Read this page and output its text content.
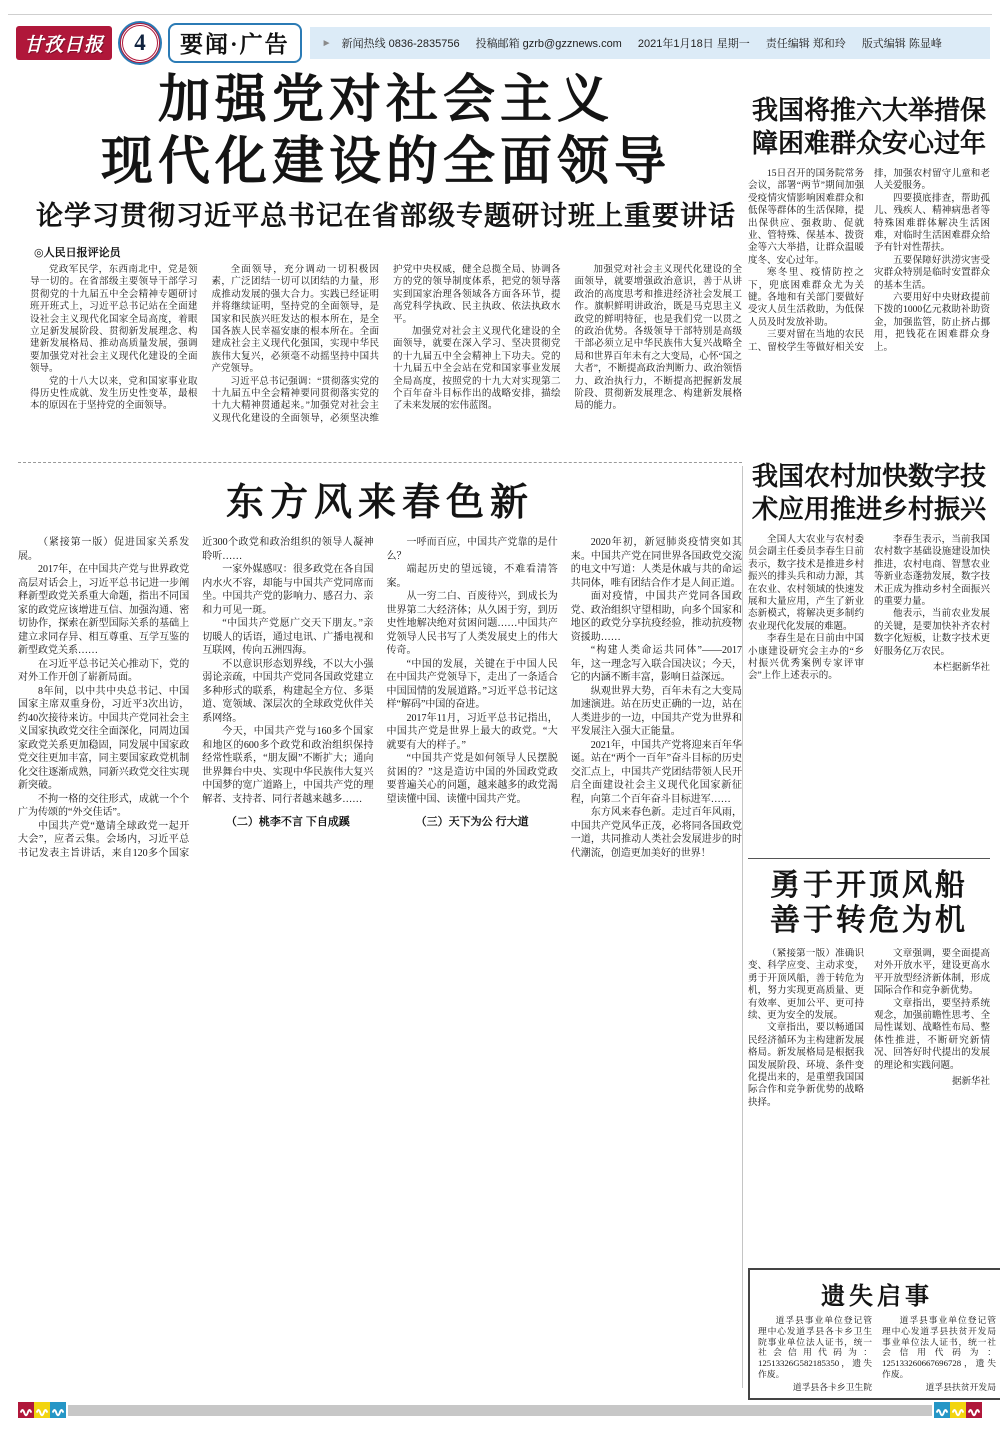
甘孜日报	4	要闻·广告	► 新闻热线 0836-2835756 投稿邮箱 gzrb@gzznews.com 2021年1月18日 星期一 责任编辑 郑和玲 版式编辑 陈显峰
加强党对社会主义
现代化建设的全面领导
论学习贯彻习近平总书记在省部级专题研讨班上重要讲话
◎人民日报评论员

党政军民学，东西南北中，党是领导一切的。在省部级主要领导干部学习贯彻党的十九届五中全会精神专题研讨班开班式上，习近平总书记站在全面建设社会主义现代化国家全局高度，着眼立足新发展阶段、贯彻新发展理念、构建新发展格局、推动高质量发展，强调要加强党对社会主义现代化建设的全面领导。

党的十八大以来，党和国家事业取得历史性成就、发生历史性变革，最根本的原因在于坚持党的全面领导。

全面领导，充分调动一切积极因素，广泛团结一切可以团结的力量，形成推动发展的强大合力。实践已经证明并将继续证明，坚持党的全面领导，是国家和民族兴旺发达的根本所在，是全国各族人民幸福安康的根本所在。全面建成社会主义现代化强国，实现中华民族伟大复兴，必须毫不动摇坚持中国共产党领导。

习近平总书记强调：“贯彻落实党的十九届五中全会精神要同贯彻落实党的十九大精神贯通起来。”加强党对社会主义现代化建设的全面领导，必须坚决维护党中央权威，健全总揽全局、协调各方的党的领导制度体系，把党的领导落实到国家治理各领域各方面各环节，提高党科学执政、民主执政、依法执政水平。

加强党对社会主义现代化建设的全面领导，就要在深入学习、坚决贯彻党的十九届五中全会精神上下功夫。党的十九届五中全会站在党和国家事业发展全局高度，按照党的十九大对实现第二个百年奋斗目标作出的战略安排，描绘了未来发展的宏伟蓝图。

加强党对社会主义现代化建设的全面领导，就要增强政治意识，善于从讲政治的高度思考和推进经济社会发展工作。旗帜鲜明讲政治，既是马克思主义政党的鲜明特征，也是我们党一以贯之的政治优势。各级领导干部特别是高级干部必须立足中华民族伟大复兴战略全局和世界百年未有之大变局，心怀“国之大者”，不断提高政治判断力、政治领悟力、政治执行力，不断提高把握新发展阶段、贯彻新发展理念、构建新发展格局的能力。

我国将推六大举措保障困难群众安心过年

15日召开的国务院常务会议，部署“两节”期间加强受疫情灾情影响困难群众和低保等群体的生活保障，提出保供应、强救助、促就业、管特殊、保基本、拨资金等六大举措，让群众温暖度冬、安心过年。

寒冬里、疫情防控之下，兜底困难群众尤为关键。各地和有关部门要做好受灾人员生活救助，为低保人员及时发放补助。

三要对留在当地的农民工、留校学生等做好相关安排，加强农村留守儿童和老人关爱服务。

四要摸底排查，帮助孤儿、残疾人、精神病患者等特殊困难群体解决生活困难，对临时生活困难群众给予有针对性帮扶。

五要保障好洪涝灾害受灾群众特别是临时安置群众的基本生活。

六要用好中央财政提前下拨的1000亿元救助补助资金，加强监管，防止挤占挪用，把钱花在困难群众身上。

东方风来春色新

（紧接第一版）促进国家关系发展。

2017年，在中国共产党与世界政党高层对话会上，习近平总书记进一步阐释新型政党关系重大命题，指出不同国家的政党应该增进互信、加强沟通、密切协作，探索在新型国际关系的基础上建立求同存异、相互尊重、互学互鉴的新型政党关系……

在习近平总书记关心推动下，党的对外工作开创了崭新局面。

8年间，以中共中央总书记、中国国家主席双重身份，习近平3次出访，约40次接待来访。中国共产党同社会主义国家执政党交往全面深化，同周边国家政党关系更加稳固，同发展中国家政党交往更加丰富，同主要国家政党机制化交往逐渐成熟，同新兴政党交往实现新突破。

不拘一格的交往形式，成就一个个广为传颂的“外交佳话”。

中国共产党“邀请全球政党一起开大会”，应者云集。会场内，习近平总书记发表主旨讲话，来自120多个国家近300个政党和政治组织的领导人凝神聆听……

一家外媒感叹：很多政党在各自国内水火不容，却能与中国共产党同席而坐。中国共产党的影响力、感召力、亲和力可见一斑。

“中国共产党愿广交天下朋友。”亲切暖人的话语，通过电讯、广播电视和互联网，传向五洲四海。

不以意识形态划界线，不以大小强弱论亲疏，中国共产党同各国政党建立多种形式的联系，构建起全方位、多渠道、宽领域、深层次的全球政党伙伴关系网络。

今天，中国共产党与160多个国家和地区的600多个政党和政治组织保持经常性联系，“朋友圈”不断扩大；通向世界舞台中央、实现中华民族伟大复兴中国梦的宽广道路上，中国共产党的理解者、支持者、同行者越来越多……

（二）桃李不言 下自成蹊

一呼而百应，中国共产党靠的是什么？

端起历史的望远镜，不难看清答案。

从一穷二白、百废待兴，到成长为世界第二大经济体；从久困于穷，到历史性地解决绝对贫困问题……中国共产党领导人民书写了人类发展史上的伟大传奇。

“中国的发展，关键在于中国人民在中国共产党领导下，走出了一条适合中国国情的发展道路。”习近平总书记这样“解码”中国的奋进。

2017年11月，习近平总书记指出，中国共产党是世界上最大的政党。“大就要有大的样子。”

“中国共产党是如何领导人民摆脱贫困的？”这是造访中国的外国政党政要普遍关心的问题，越来越多的政党渴望读懂中国、读懂中国共产党。

（三）天下为公 行大道

2020年初，新冠肺炎疫情突如其来。中国共产党在同世界各国政党交流的电文中写道：人类是休戚与共的命运共同体，唯有团结合作才是人间正道。

面对疫情，中国共产党同各国政党、政治组织守望相助，向多个国家和地区的政党分享抗疫经验，推动抗疫物资援助……

“构建人类命运共同体”——2017年，这一理念写入联合国决议；今天，它的内涵不断丰富，影响日益深远。

纵观世界大势，百年未有之大变局加速演进。站在历史正确的一边，站在人类进步的一边，中国共产党为世界和平发展注入强大正能量。

2021年，中国共产党将迎来百年华诞。站在“两个一百年”奋斗目标的历史交汇点上，中国共产党团结带领人民开启全面建设社会主义现代化国家新征程，向第二个百年奋斗目标进军……

东方风来春色新。走过百年风雨，中国共产党风华正茂，必将同各国政党一道，共同推动人类社会发展进步的时代潮流，创造更加美好的世界！

我国农村加快数字技术应用推进乡村振兴

全国人大农业与农村委员会副主任委员李春生日前表示，数字技术是推进乡村振兴的排头兵和动力源，其在农业、农村领域的快速发展和大量应用，产生了新业态新模式，将解决更多制约农业现代化发展的难题。

李春生是在日前由中国小康建设研究会主办的“乡村振兴优秀案例专家评审会”上作上述表示的。

李春生表示，当前我国农村数字基础设施建设加快推进，农村电商、智慧农业等新业态蓬勃发展，数字技术正成为推动乡村全面振兴的重要力量。

他表示，当前农业发展的关键，是要加快补齐农村数字化短板，让数字技术更好服务亿万农民。

本栏据新华社
勇于开顶风船
善于转危为机

（紧接第一版）准确识变、科学应变、主动求变，勇于开顶风船，善于转危为机，努力实现更高质量、更有效率、更加公平、更可持续、更为安全的发展。

文章指出，要以畅通国民经济循环为主构建新发展格局。新发展格局是根据我国发展阶段、环境、条件变化提出来的，是重塑我国国际合作和竞争新优势的战略抉择。

文章强调，要全面提高对外开放水平，建设更高水平开放型经济新体制，形成国际合作和竞争新优势。

文章指出，要坚持系统观念，加强前瞻性思考、全局性谋划、战略性布局、整体性推进，不断研究新情况、回答好时代提出的发展的理论和实践问题。

据新华社
遗失启事

道孚县事业单位登记管理中心发道孚县各卡乡卫生院事业单位法人证书，统一社会信用代码为：12513326G582185350，遗失作废。

道孚县各卡乡卫生院

道孚县事业单位登记管理中心发道孚县扶贫开发局事业单位法人证书，统一社会信用代码为：125133260667696728，遗失作废。

道孚县扶贫开发局
